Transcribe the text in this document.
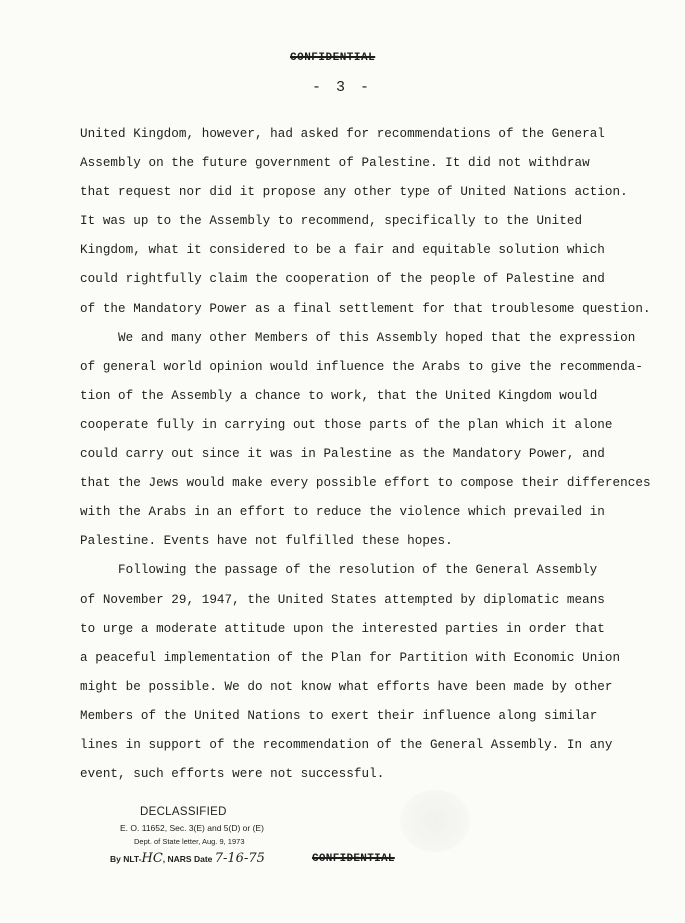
CONFIDENTIAL
- 3 -
United Kingdom, however, had asked for recommendations of the General
Assembly on the future government of Palestine. It did not withdraw
that request nor did it propose any other type of United Nations action.
It was up to the Assembly to recommend, specifically to the United
Kingdom, what it considered to be a fair and equitable solution which
could rightfully claim the cooperation of the people of Palestine and
of the Mandatory Power as a final settlement for that troublesome question.
We and many other Members of this Assembly hoped that the expression
of general world opinion would influence the Arabs to give the recommenda-
tion of the Assembly a chance to work, that the United Kingdom would
cooperate fully in carrying out those parts of the plan which it alone
could carry out since it was in Palestine as the Mandatory Power, and
that the Jews would make every possible effort to compose their differences
with the Arabs in an effort to reduce the violence which prevailed in
Palestine. Events have not fulfilled these hopes.
Following the passage of the resolution of the General Assembly
of November 29, 1947, the United States attempted by diplomatic means
to urge a moderate attitude upon the interested parties in order that
a peaceful implementation of the Plan for Partition with Economic Union
might be possible. We do not know what efforts have been made by other
Members of the United Nations to exert their influence along similar
lines in support of the recommendation of the General Assembly. In any
event, such efforts were not successful.
DECLASSIFIED
E. O. 11652, Sec. 3(E) and 5(D) or (E)
Dept. of State letter, Aug. 9, 1973
By NLT-HC, NARS Date 7-16-75	CONFIDENTIAL
